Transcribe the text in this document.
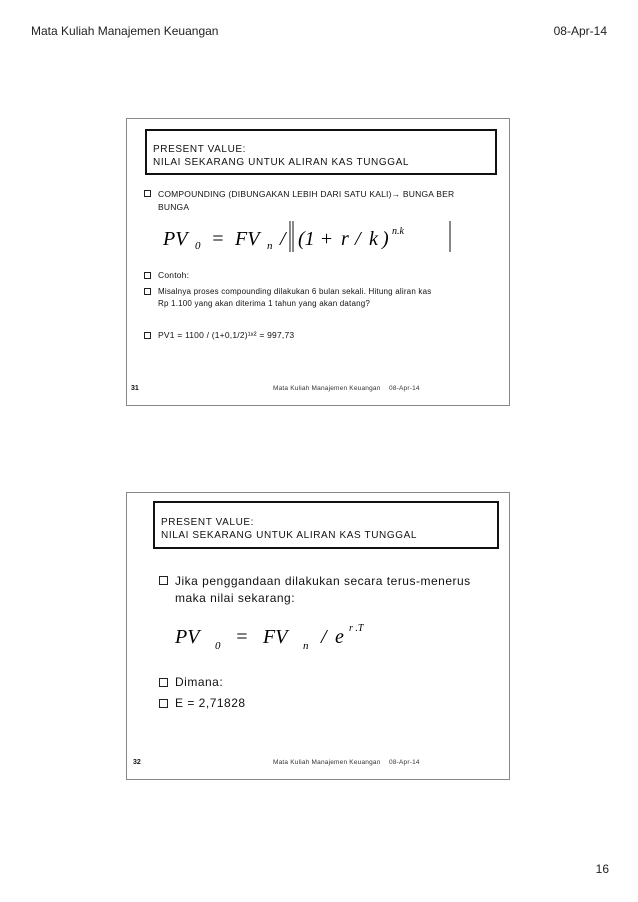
Mata Kuliah Manajemen Keuangan	08-Apr-14
PRESENT VALUE:
NILAI SEKARANG UNTUK ALIRAN KAS TUNGGAL
COMPOUNDING (DIBUNGAKAN LEBIH DARI SATU KALI)→ BUNGA BER
BUNGA
PV 0 = FV n / (1 + r / k ) n.k
Contoh:
Misalnya proses compounding dilakukan 6 bulan sekali. Hitung aliran kas
Rp 1.100 yang akan diterima 1 tahun yang akan datang?
PV1 = 1100 / (1+0,1/2)¹ˣ² = 997,73
31	Mata Kuliah Manajemen Keuangan 08-Apr-14
PRESENT VALUE:
NILAI SEKARANG UNTUK ALIRAN KAS TUNGGAL
Jika penggandaan dilakukan secara terus-menerus
maka nilai sekarang:
PV 0 = FV n / e r .T
Dimana:
E = 2,71828
32	Mata Kuliah Manajemen Keuangan 08-Apr-14
16
